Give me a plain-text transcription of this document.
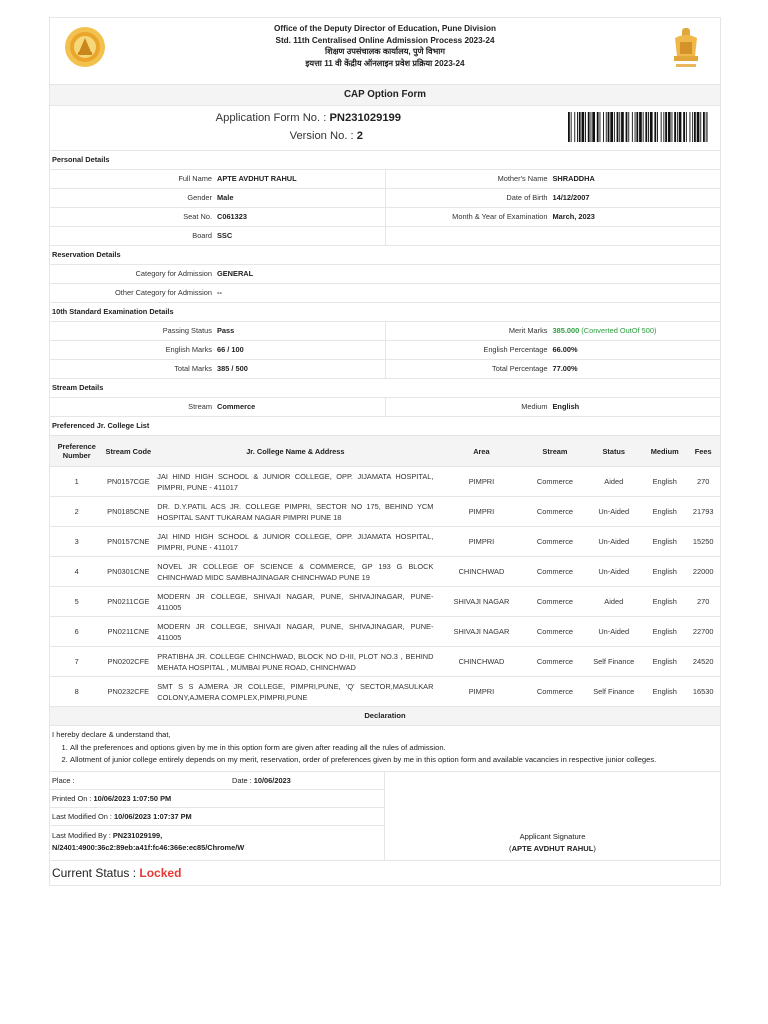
Office of the Deputy Director of Education, Pune Division
Std. 11th Centralised Online Admission Process 2023-24
शिक्षण उपसंचालक कार्यालय, पुणे विभाग
इयत्ता 11 वी केंद्रीय ऑनलाइन प्रवेश प्रक्रिया 2023-24
CAP Option Form
Application Form No. : PN231029199
Version No. : 2
Personal Details
Full Name APTE AVDHUT RAHUL	Mother's Name SHRADDHA
Gender Male	Date of Birth 14/12/2007
Seat No. C061323	Month & Year of Examination March, 2023
Board SSC
Reservation Details
Category for Admission GENERAL
Other Category for Admission --
10th Standard Examination Details
Passing Status Pass	Merit Marks 385.000 (Converted OutOf 500)
English Marks 66 / 100	English Percentage 66.00%
Total Marks 385 / 500	Total Percentage 77.00%
Stream Details
Stream Commerce	Medium English
Preferenced Jr. College List
Preference Number	Stream Code	Jr. College Name & Address	Area	Stream	Status	Medium	Fees
1	PN0157CGE	JAI HIND HIGH SCHOOL & JUNIOR COLLEGE, OPP. JIJAMATA HOSPITAL, PIMPRI, PUNE - 411017	PIMPRI	Commerce	Aided	English	270
2	PN0185CNE	DR. D.Y.PATIL ACS JR. COLLEGE PIMPRI, SECTOR NO 175, BEHIND YCM HOSPITAL SANT TUKARAM NAGAR PIMPRI PUNE 18	PIMPRI	Commerce	Un-Aided	English	21793
3	PN0157CNE	JAI HIND HIGH SCHOOL & JUNIOR COLLEGE, OPP. JIJAMATA HOSPITAL, PIMPRI, PUNE - 411017	PIMPRI	Commerce	Un-Aided	English	15250
4	PN0301CNE	NOVEL JR COLLEGE OF SCIENCE & COMMERCE, GP 193 G BLOCK CHINCHWAD MIDC SAMBHAJINAGAR CHINCHWAD PUNE 19	CHINCHWAD	Commerce	Un-Aided	English	22000
5	PN0211CGE	MODERN JR COLLEGE, SHIVAJI NAGAR, PUNE, SHIVAJINAGAR, PUNE- 411005	SHIVAJI NAGAR	Commerce	Aided	English	270
6	PN0211CNE	MODERN JR COLLEGE, SHIVAJI NAGAR, PUNE, SHIVAJINAGAR, PUNE- 411005	SHIVAJI NAGAR	Commerce	Un-Aided	English	22700
7	PN0202CFE	PRATIBHA JR. COLLEGE CHINCHWAD, BLOCK NO D-III, PLOT NO.3 , BEHIND MEHATA HOSPITAL , MUMBAI PUNE ROAD, CHINCHWAD	CHINCHWAD	Commerce	Self Finance	English	24520
8	PN0232CFE	SMT S S AJMERA JR COLLEGE, PIMPRI,PUNE, 'Q' SECTOR,MASULKAR COLONY,AJMERA COMPLEX,PIMPRI,PUNE	PIMPRI	Commerce	Self Finance	English	16530
Declaration
I hereby declare & understand that,
1. All the preferences and options given by me in this option form are given after reading all the rules of admission.
2. Allotment of junior college entirely depends on my merit, reservation, order of preferences given by me in this option form and available vacancies in respective junior colleges.
Place :	Date : 10/06/2023
Printed On : 10/06/2023 1:07:50 PM
Last Modified On : 10/06/2023 1:07:37 PM
Last Modified By : PN231029199,
N/2401:4900:36c2:89eb:a41f:fc46:366e:ec85/Chrome/W
Applicant Signature
(APTE AVDHUT RAHUL)
Current Status : Locked
